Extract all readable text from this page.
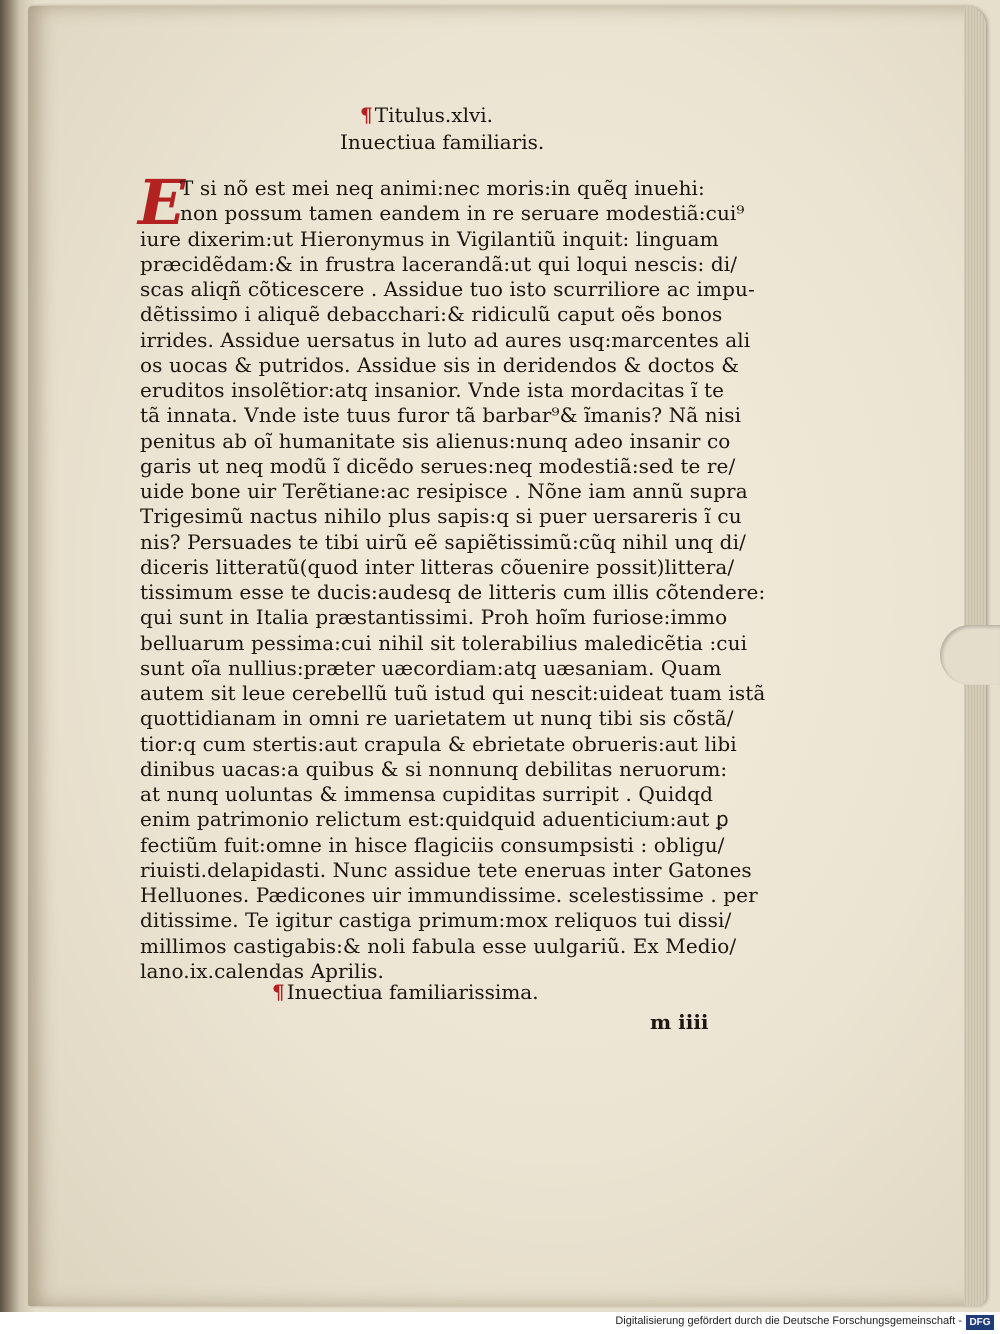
¶ Titulus.xlvi.
Inuectiua familiaris.
E
T si nõ est mei neq animi:nec moris:in quẽq inuehi:
non possum tamen eandem in re seruare modestiã:cui⁹
iure dixerim:ut Hieronymus in Vigilantiũ inquit: linguam
præcidẽdam:& in frustra lacerandã:ut qui loqui nescis: di/
scas aliqñ cõticescere . Assidue tuo isto scurriliore ac impu-
dẽtissimo i aliquẽ debacchari:& ridiculũ caput oẽs bonos
irrides. Assidue uersatus in luto ad aures usq:marcentes ali
os uocas & putridos. Assidue sis in deridendos & doctos &
eruditos insolẽtior:atq insanior. Vnde ista mordacitas ĩ te
tã innata. Vnde iste tuus furor tã barbar⁹& ĩmanis? Nã nisi
penitus ab oĩ humanitate sis alienus:nunq adeo insanir co
garis ut neq modũ ĩ dicẽdo serues:neq modestiã:sed te re/
uide bone uir Terẽtiane:ac resipisce . Nõne iam annũ supra
Trigesimũ nactus nihilo plus sapis:q si puer uersareris ĩ cu
nis? Persuades te tibi uirũ eẽ sapiẽtissimũ:cũq nihil unq di/
diceris litteratũ(quod inter litteras cõuenire possit)littera/
tissimum esse te ducis:audesq de litteris cum illis cõtendere:
qui sunt in Italia præstantissimi. Proh hoĩm furiose:immo
belluarum pessima:cui nihil sit tolerabilius maledicẽtia :cui
sunt oĩa nullius:præter uæcordiam:atq uæsaniam. Quam
autem sit leue cerebellũ tuũ istud qui nescit:uideat tuam istã
quottidianam in omni re uarietatem ut nunq tibi sis cõstã/
tior:q cum stertis:aut crapula & ebrietate obrueris:aut libi
dinibus uacas:a quibus & si nonnunq debilitas neruorum:
at nunq uoluntas & immensa cupiditas surripit . Quidqd
enim patrimonio relictum est:quidquid aduenticium:aut ꝑ
fectiũm fuit:omne in hisce flagiciis consumpsisti : obligu/
riuisti.delapidasti. Nunc assidue tete eneruas inter Gatones
Helluones. Pædicones uir immundissime. scelestissime . per
ditissime. Te igitur castiga primum:mox reliquos tui dissi/
millimos castigabis:& noli fabula esse uulgariũ. Ex Medio/
lano.ix.calendas Aprilis.
¶ Inuectiua familiarissima.
m iiii
Digitalisierung gefördert durch die Deutsche Forschungsgemeinschaft - DFG
